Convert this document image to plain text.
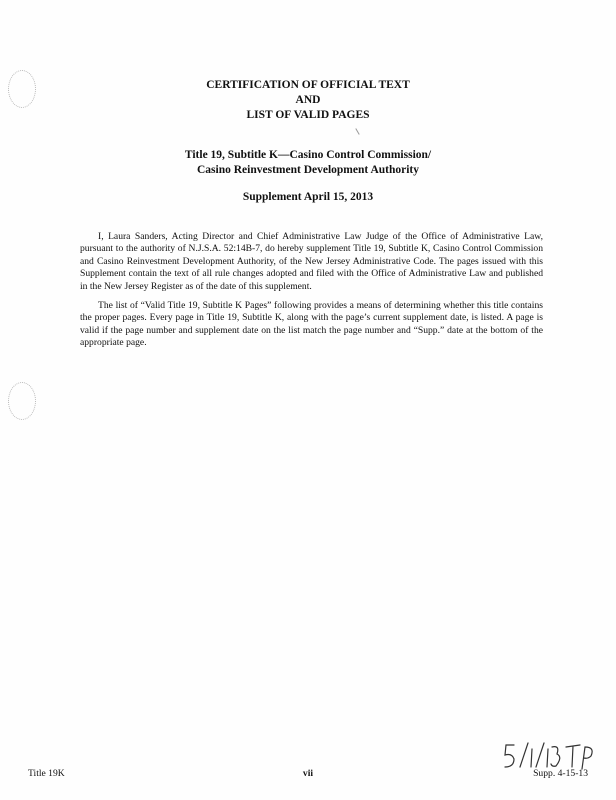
CERTIFICATION OF OFFICIAL TEXT
AND
LIST OF VALID PAGES
Title 19, Subtitle K—Casino Control Commission/
Casino Reinvestment Development Authority
Supplement April 15, 2013

I, Laura Sanders, Acting Director and Chief Administrative Law Judge of the Office of Administrative Law, pursuant to the authority of N.J.S.A. 52:14B-7, do hereby supplement Title 19, Subtitle K, Casino Control Commission and Casino Reinvestment Development Authority, of the New Jersey Administrative Code. The pages issued with this Supplement contain the text of all rule changes adopted and filed with the Office of Administrative Law and published in the New Jersey Register as of the date of this supplement.

The list of “Valid Title 19, Subtitle K Pages” following provides a means of determining whether this title contains the proper pages. Every page in Title 19, Subtitle K, along with the page’s current supplement date, is listed. A page is valid if the page number and supplement date on the list match the page number and “Supp.” date at the bottom of the appropriate page.

Title 19K	vii	Supp. 4-15-13
